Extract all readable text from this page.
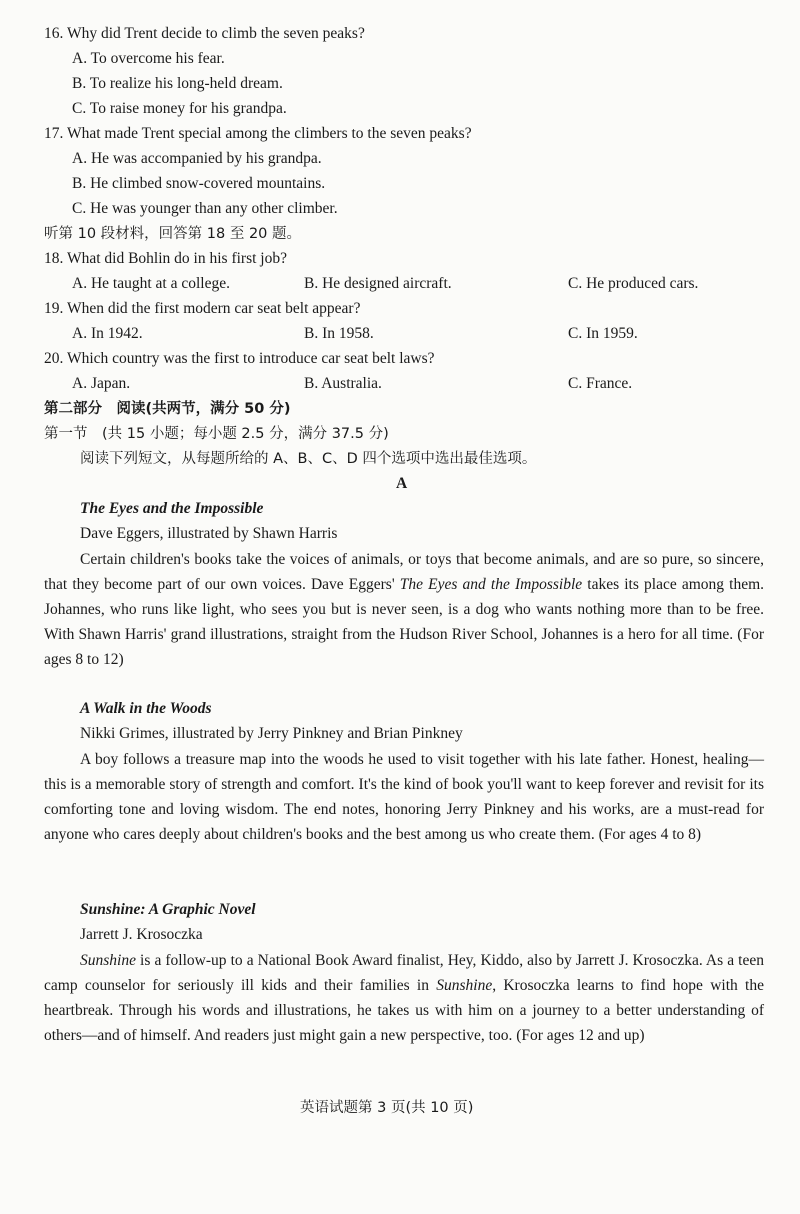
16. Why did Trent decide to climb the seven peaks?
A. To overcome his fear.
B. To realize his long-held dream.
C. To raise money for his grandpa.
17. What made Trent special among the climbers to the seven peaks?
A. He was accompanied by his grandpa.
B. He climbed snow-covered mountains.
C. He was younger than any other climber.
听第 10 段材料，回答第 18 至 20 题。
18. What did Bohlin do in his first job?
A. He taught at a college.	B. He designed aircraft.	C. He produced cars.
19. When did the first modern car seat belt appear?
A. In 1942.	B. In 1958.	C. In 1959.
20. Which country was the first to introduce car seat belt laws?
A. Japan.	B. Australia.	C. France.
第二部分　阅读(共两节，满分 50 分)
第一节　(共 15 小题；每小题 2.5 分，满分 37.5 分)
阅读下列短文，从每题所给的 A、B、C、D 四个选项中选出最佳选项。
A
The Eyes and the Impossible
Dave Eggers, illustrated by Shawn Harris
Certain children's books take the voices of animals, or toys that become animals, and are so pure, so sincere, that they become part of our own voices. Dave Eggers' The Eyes and the Impossible takes its place among them. Johannes, who runs like light, who sees you but is never seen, is a dog who wants nothing more than to be free. With Shawn Harris' grand illustrations, straight from the Hudson River School, Johannes is a hero for all time. (For ages 8 to 12)
A Walk in the Woods
Nikki Grimes, illustrated by Jerry Pinkney and Brian Pinkney
A boy follows a treasure map into the woods he used to visit together with his late father. Honest, healing—this is a memorable story of strength and comfort. It's the kind of book you'll want to keep forever and revisit for its comforting tone and loving wisdom. The end notes, honoring Jerry Pinkney and his works, are a must-read for anyone who cares deeply about children's books and the best among us who create them. (For ages 4 to 8)
Sunshine: A Graphic Novel
Jarrett J. Krosoczka
Sunshine is a follow-up to a National Book Award finalist, Hey, Kiddo, also by Jarrett J. Krosoczka. As a teen camp counselor for seriously ill kids and their families in Sunshine, Krosoczka learns to find hope with the heartbreak. Through his words and illustrations, he takes us with him on a journey to a better understanding of others—and of himself. And readers just might gain a new perspective, too. (For ages 12 and up)
英语试题第 3 页(共 10 页)
